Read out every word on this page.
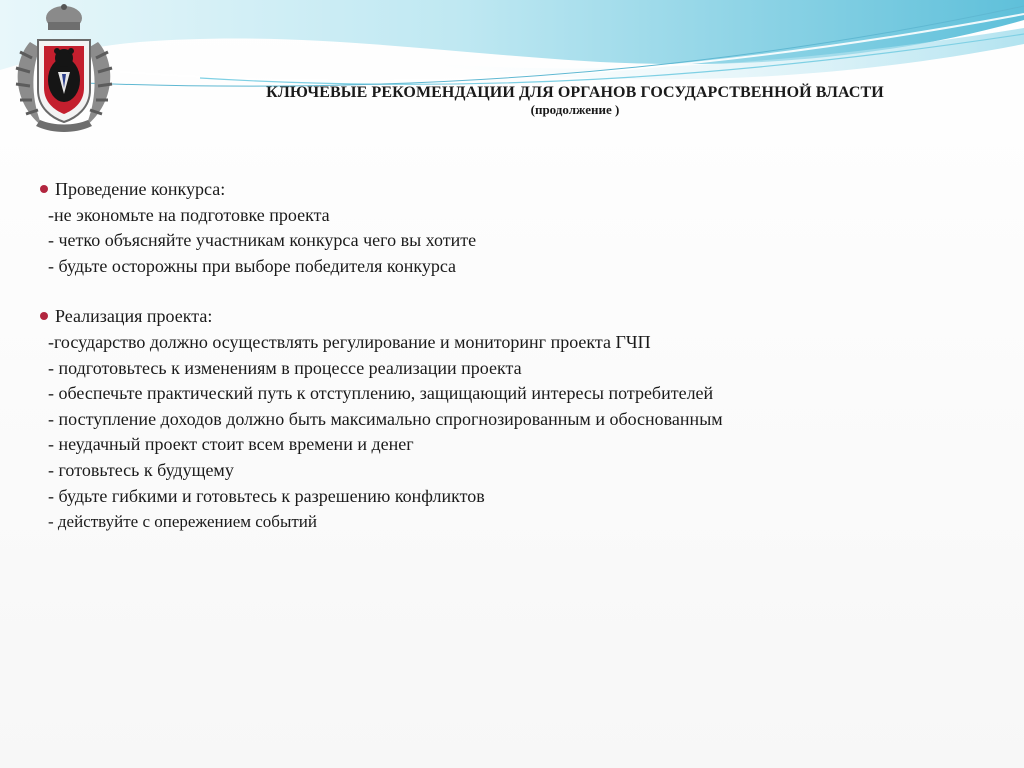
КЛЮЧЕВЫЕ РЕКОМЕНДАЦИИ ДЛЯ ОРГАНОВ ГОСУДАРСТВЕННОЙ ВЛАСТИ
(продолжение )
Проведение конкурса:
-не экономьте на подготовке проекта
- четко объясняйте участникам конкурса чего вы хотите
- будьте осторожны при выборе победителя конкурса
Реализация проекта:
-государство должно осуществлять регулирование и мониторинг проекта ГЧП
- подготовьтесь к изменениям в процессе реализации проекта
- обеспечьте практический путь к отступлению, защищающий интересы потребителей
- поступление доходов должно быть максимально спрогнозированным и обоснованным
- неудачный проект стоит всем времени и денег
- готовьтесь к будущему
- будьте гибкими и готовьтесь к разрешению конфликтов
- действуйте с опережением событий
